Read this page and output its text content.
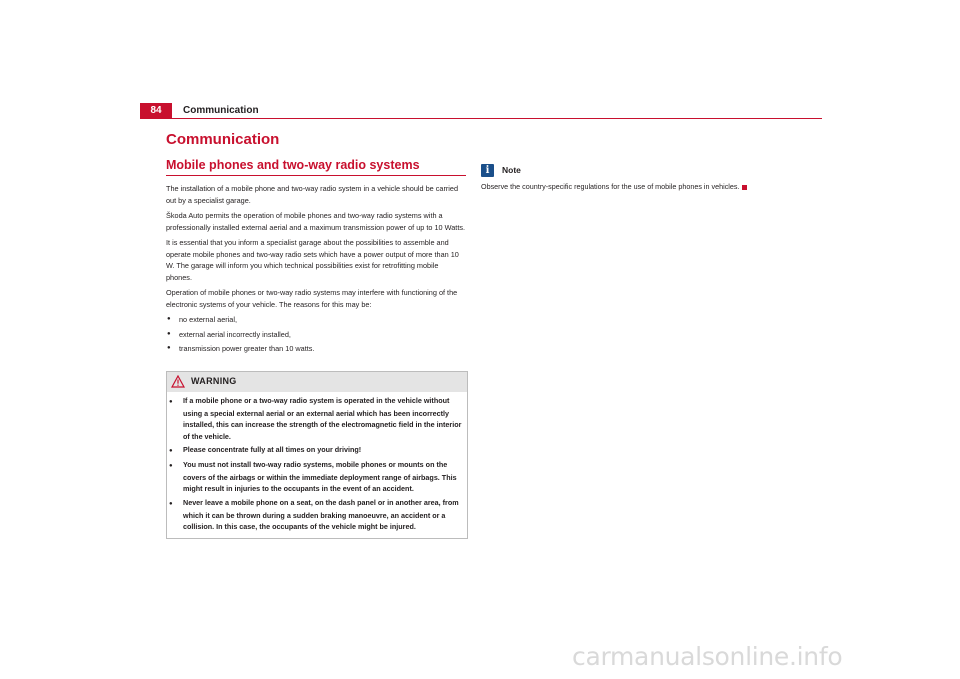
84	Communication
Communication
Mobile phones and two-way radio systems

The installation of a mobile phone and two-way radio system in a vehicle should be carried out by a specialist garage.

Škoda Auto permits the operation of mobile phones and two-way radio systems with a professionally installed external aerial and a maximum transmission power of up to 10 Watts.

It is essential that you inform a specialist garage about the possibilities to assemble and operate mobile phones and two-way radio sets which have a power output of more than 10 W. The garage will inform you which technical possibilities exist for retrofitting mobile phones.

Operation of mobile phones or two-way radio systems may interfere with functioning of the electronic systems of your vehicle. The reasons for this may be:

● no external aerial,
● external aerial incorrectly installed,
● transmission power greater than 10 watts.
WARNING
● If a mobile phone or a two-way radio system is operated in the vehicle without using a special external aerial or an external aerial which has been incorrectly installed, this can increase the strength of the electromagnetic field in the interior of the vehicle.
● Please concentrate fully at all times on your driving!
● You must not install two-way radio systems, mobile phones or mounts on the covers of the airbags or within the immediate deployment range of airbags. This might result in injuries to the occupants in the event of an accident.
● Never leave a mobile phone on a seat, on the dash panel or in another area, from which it can be thrown during a sudden braking manoeuvre, an accident or a collision. In this case, the occupants of the vehicle might be injured.
i	Note
Observe the country-specific regulations for the use of mobile phones in vehicles.
carmanualsonline.info
